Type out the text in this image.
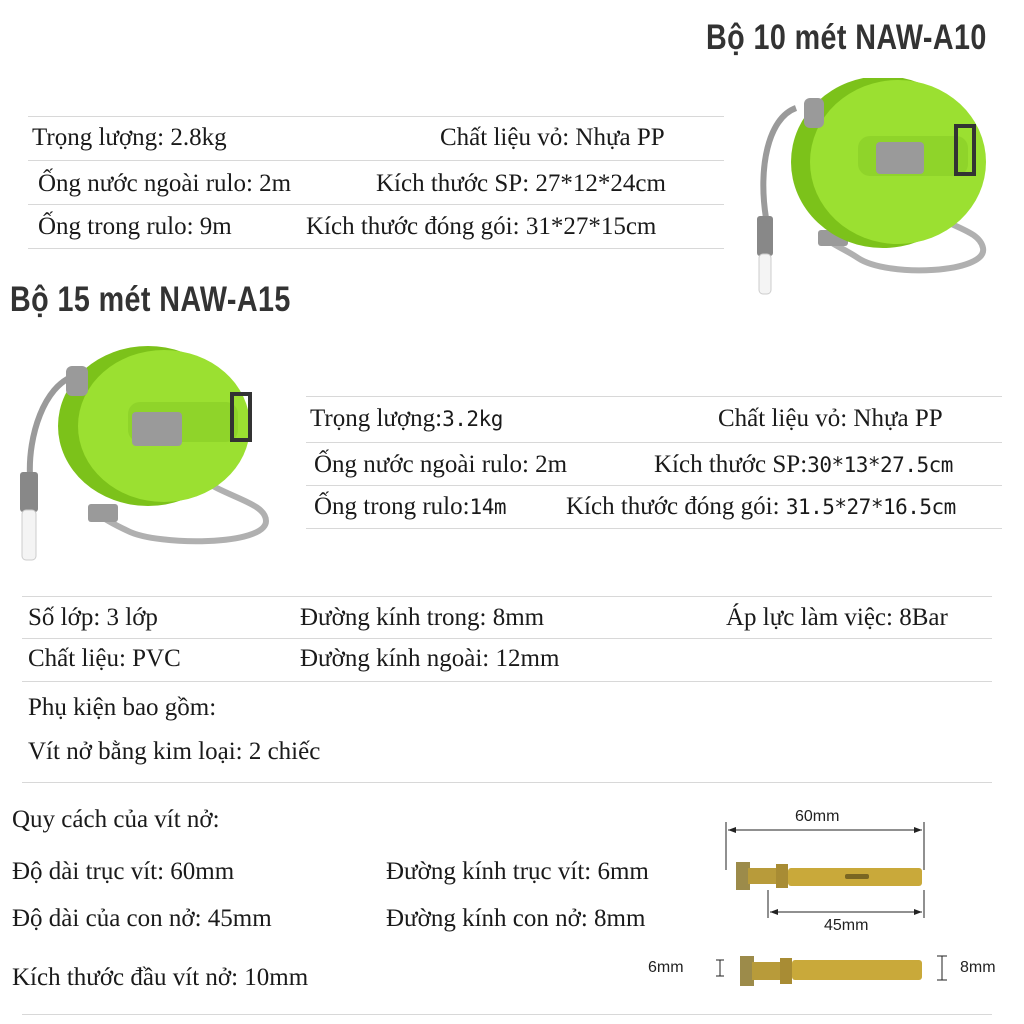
Bộ 10 mét NAW-A10
Trọng lượng: 2.8kg	Chất liệu vỏ: Nhựa PP
Ống nước ngoài rulo: 2m	Kích thước SP: 27*12*24cm
Ống trong rulo: 9m	Kích thước đóng gói: 31*27*15cm
Bộ 15 mét NAW-A15
Trọng lượng:3.2kg	Chất liệu vỏ: Nhựa PP
Ống nước ngoài rulo: 2m	Kích thước SP:30*13*27.5cm
Ống trong rulo:14m Kích thước đóng gói: 31.5*27*16.5cm
Số lớp: 3 lớp	Đường kính trong: 8mm	Áp lực làm việc: 8Bar
Chất liệu: PVC	Đường kính ngoài: 12mm
Phụ kiện bao gồm:
Vít nở bằng kim loại: 2 chiếc
Quy cách của vít nở:
Độ dài trục vít: 60mm	Đường kính trục vít: 6mm
Độ dài của con nở: 45mm	Đường kính con nở: 8mm
Kích thước đầu vít nở: 10mm
60mm
45mm
6mm	8mm
